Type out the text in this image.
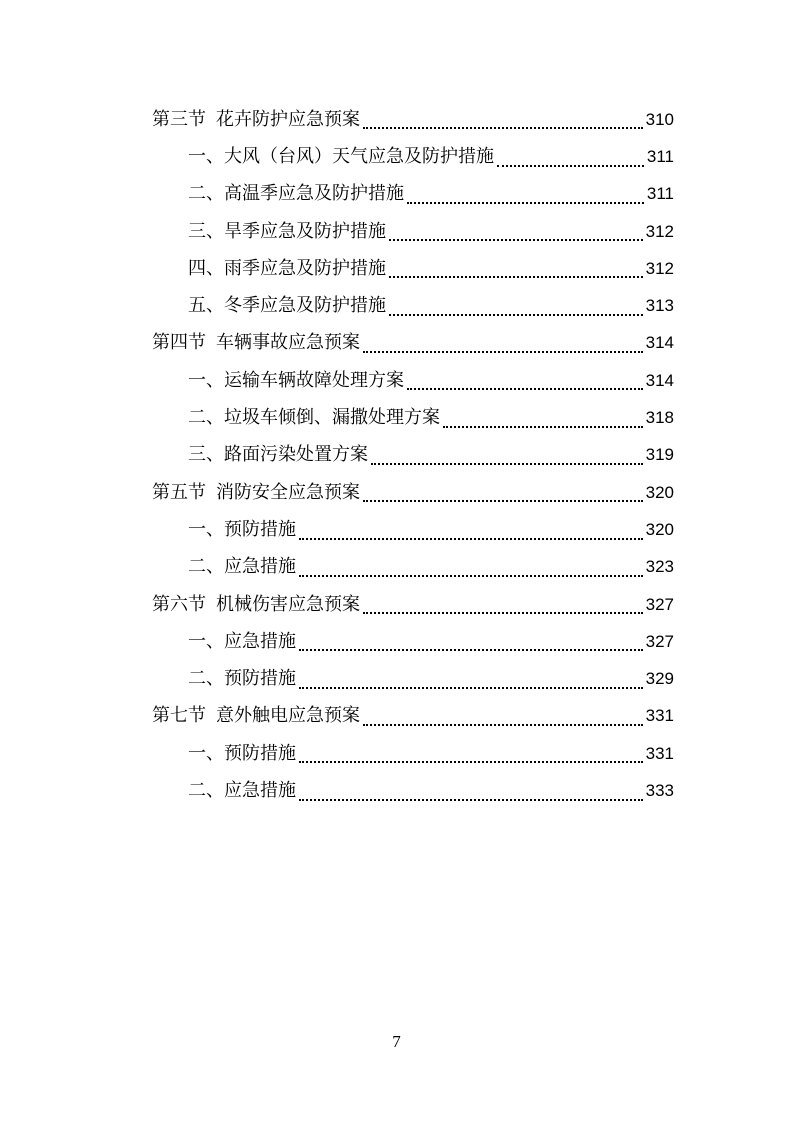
第三节 花卉防护应急预案	310
一、大风（台风）天气应急及防护措施	311
二、高温季应急及防护措施	311
三、旱季应急及防护措施	312
四、雨季应急及防护措施	312
五、冬季应急及防护措施	313
第四节 车辆事故应急预案	314
一、运输车辆故障处理方案	314
二、垃圾车倾倒、漏撒处理方案	318
三、路面污染处置方案	319
第五节 消防安全应急预案	320
一、预防措施	320
二、应急措施	323
第六节 机械伤害应急预案	327
一、应急措施	327
二、预防措施	329
第七节 意外触电应急预案	331
一、预防措施	331
二、应急措施	333
7
